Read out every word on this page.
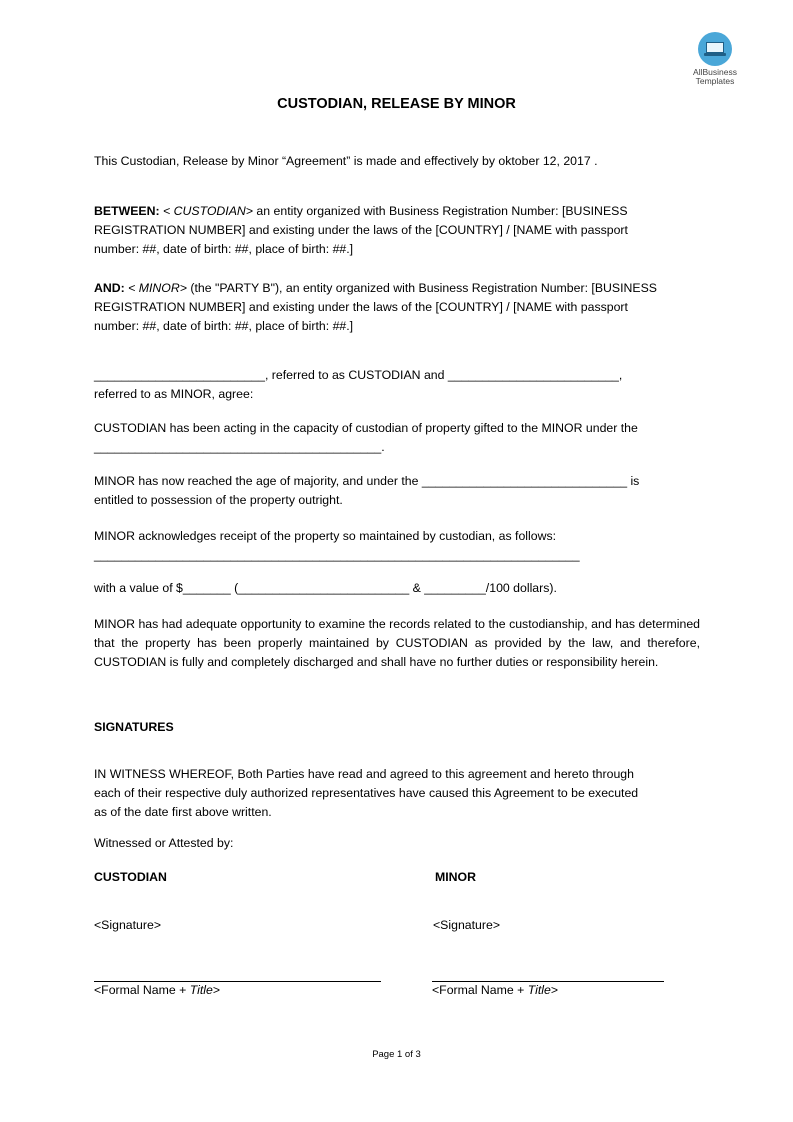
AllBusiness
Templates
CUSTODIAN, RELEASE BY MINOR

This Custodian, Release by Minor “Agreement” is made and effectively by oktober 12, 2017 .

BETWEEN: < CUSTODIAN> an entity organized with Business Registration Number: [BUSINESS
REGISTRATION NUMBER] and existing under the laws of the [COUNTRY] / [NAME with passport
number: ##, date of birth: ##, place of birth: ##.]
AND: < MINOR> (the "PARTY B"), an entity organized with Business Registration Number: [BUSINESS
REGISTRATION NUMBER] and existing under the laws of the [COUNTRY] / [NAME with passport
number: ##, date of birth: ##, place of birth: ##.]
_________________________, referred to as CUSTODIAN and _________________________,
referred to as MINOR, agree:
CUSTODIAN has been acting in the capacity of custodian of property gifted to the MINOR under the
__________________________________________.
MINOR has now reached the age of majority, and under the ______________________________ is
entitled to possession of the property outright.
MINOR acknowledges receipt of the property so maintained by custodian, as follows:
_______________________________________________________________________

with a value of $_______ (_________________________ & _________/100 dollars).

MINOR has had adequate opportunity to examine the records related to the custodianship, and has determined that the property has been properly maintained by CUSTODIAN as provided by the law, and therefore, CUSTODIAN is fully and completely discharged and shall have no further duties or responsibility herein.

SIGNATURES

IN WITNESS WHEREOF, Both Parties have read and agreed to this agreement and hereto through
each of their respective duly authorized representatives have caused this Agreement to be executed
as of the date first above written.

Witnessed or Attested by:

CUSTODIAN
<Signature>
<Formal Name + Title>
MINOR
<Signature>
<Formal Name + Title>
Page 1 of 3
